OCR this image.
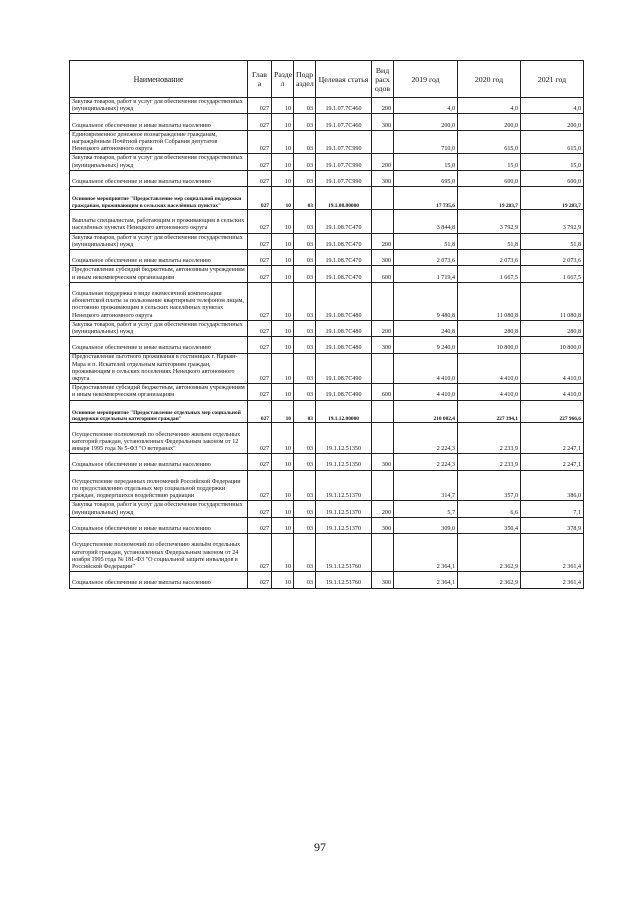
Наименование	Глав а	Разде л	Подр аздел	Целевая статья	Вид расх одов	2019 год	2020 год	2021 год
Закупка товаров, работ и услуг для обеспечения государственных (муниципальных) нужд	027	10	03	19.1.07.7С460	200	4,0	4,0	4,0
Социальное обеспечение и иные выплаты населению	027	10	03	19.1.07.7С460	300	200,0	200,0	200,0
Единовременное денежное вознаграждение гражданам, награждённым Почётной грамотой Собрания депутатов Ненецкого автономного округа	027	10	03	19.1.07.7С990		710,0	615,0	615,0
Закупка товаров, работ и услуг для обеспечения государственных (муниципальных) нужд	027	10	03	19.1.07.7С990	200	15,0	15,0	15,0
Социальное обеспечение и иные выплаты населению	027	10	03	19.1.07.7С990	300	695,0	600,0	600,0
Основное мероприятие "Предоставление мер социальной поддержки гражданам, проживающим в сельских населённых пунктах"	027	10	03	19.1.08.00000		17 735,6	19 283,7	19 283,7
Выплаты специалистам, работающим и проживающим в сельских населённых пунктах Ненецкого автономного округа	027	10	03	19.1.08.7С470		3 844,8	3 792,9	3 792,9
Закупка товаров, работ и услуг для обеспечения государственных (муниципальных) нужд	027	10	03	19.1.08.7С470	200	51,8	51,8	51,8
Социальное обеспечение и иные выплаты населению	027	10	03	19.1.08.7С470	300	2 073,6	2 073,6	2 073,6
Предоставление субсидий бюджетным, автономным учреждениям и иным некоммерческим организациям	027	10	03	19.1.08.7С470	600	1 719,4	1 667,5	1 667,5
Социальная поддержка в виде ежемесячной компенсации абонентской платы за пользование квартирным телефоном лицам, постоянно проживающим в сельских населённых пунктах Ненецкого автономного округа	027	10	03	19.1.08.7С480		9 480,8	11 080,8	11 080,8
Закупка товаров, работ и услуг для обеспечения государственных (муниципальных) нужд	027	10	03	19.1.08.7С480	200	240,8	280,8	280,8
Социальное обеспечение и иные выплаты населению	027	10	03	19.1.08.7С480	300	9 240,0	10 800,0	10 800,0
Предоставление льготного проживания в гостиницах г. Нарьян-Мара и п. Искателей отдельным категориям граждан, проживающим в сельских поселениях Ненецкого автономного округа	027	10	03	19.1.08.7С490		4 410,0	4 410,0	4 410,0
Предоставление субсидий бюджетным, автономным учреждениям и иным некоммерческим организациям	027	10	03	19.1.08.7С490	600	4 410,0	4 410,0	4 410,0
Основное мероприятие "Предоставление отдельных мер социальной поддержки отдельным категориям граждан"	027	10	03	19.1.12.00000		210 002,4	227 394,1	227 966,6
Осуществление полномочий по обеспечению жильем отдельных категорий граждан, установленных Федеральным законом от 12 января 1995 года № 5-ФЗ "О ветеранах"	027	10	03	19.1.12.51350		2 224,3	2 233,9	2 247,1
Социальное обеспечение и иные выплаты населению	027	10	03	19.1.12.51350	300	2 224,3	2 233,9	2 247,1
Осуществление переданных полномочий Российской Федерации по предоставлению отдельных мер социальной поддержки граждан, подвергшихся воздействию радиации	027	10	03	19.1.12.51370		314,7	357,0	386,0
Закупка товаров, работ и услуг для обеспечения государственных (муниципальных) нужд	027	10	03	19.1.12.51370	200	5,7	6,6	7,1
Социальное обеспечение и иные выплаты населению	027	10	03	19.1.12.51370	300	309,0	350,4	378,9
Осуществление полномочий по обеспечению жильём отдельных категорий граждан, установленных Федеральным законом от 24 ноября 1995 года № 181-ФЗ "О социальной защите инвалидов в Российской Федерации"	027	10	03	19.1.12.51760		2 364,1	2 362,9	2 361,4
Социальное обеспечение и иные выплаты населению	027	10	03	19.1.12.51760	300	2 364,1	2 362,9	2 361,4
97
